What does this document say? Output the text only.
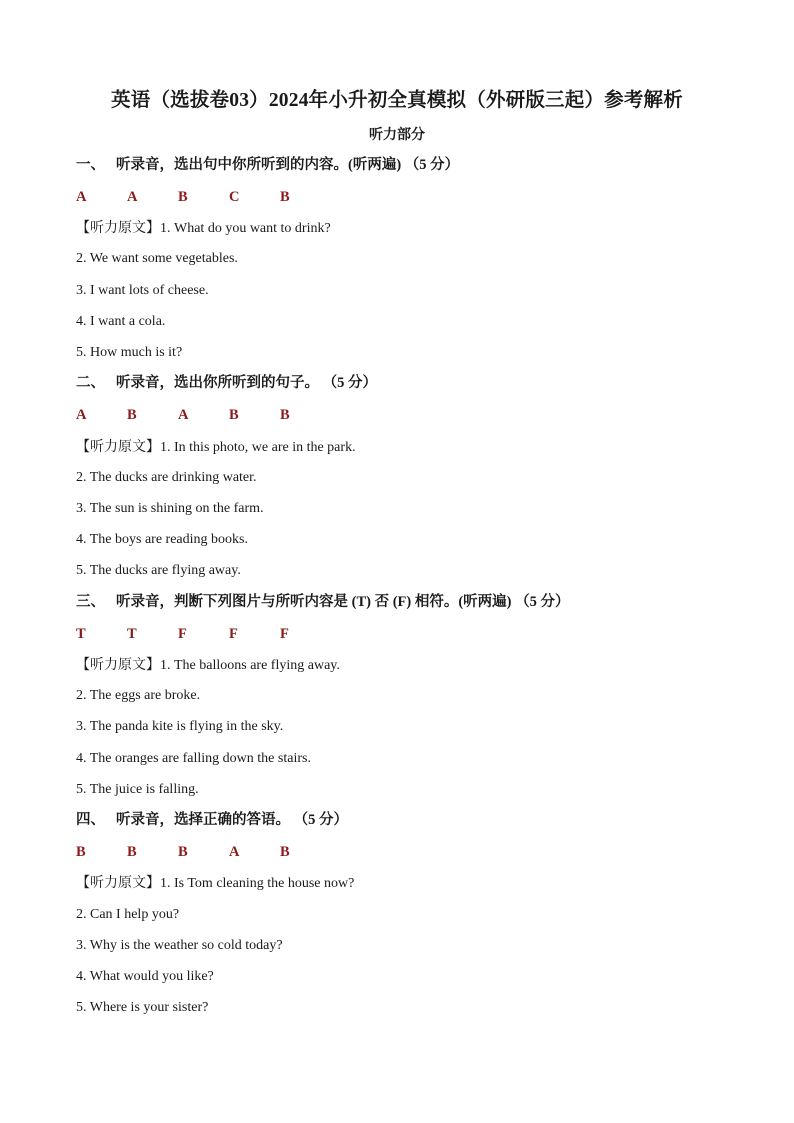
英语（选拔卷03）2024年小升初全真模拟（外研版三起）参考解析
听力部分
一、 听录音，选出句中你所听到的内容。(听两遍) （5 分）
A	A	B	C	B
【听力原文】1. What do you want to drink?
2. We want some vegetables.
3. I want lots of cheese.
4. I want a cola.
5. How much is it?
二、 听录音，选出你所听到的句子。 （5 分）
A	B	A	B	B
【听力原文】1. In this photo, we are in the park.
2. The ducks are drinking water.
3. The sun is shining on the farm.
4. The boys are reading books.
5. The ducks are flying away.
三、 听录音，判断下列图片与所听内容是 (T) 否 (F) 相符。(听两遍) （5 分）
T	T	F	F	F
【听力原文】1. The balloons are flying away.
2. The eggs are broke.
3. The panda kite is flying in the sky.
4. The oranges are falling down the stairs.
5. The juice is falling.
四、 听录音，选择正确的答语。 （5 分）
B	B	B	A	B
【听力原文】1. Is Tom cleaning the house now?
2. Can I help you?
3. Why is the weather so cold today?
4. What would you like?
5. Where is your sister?
